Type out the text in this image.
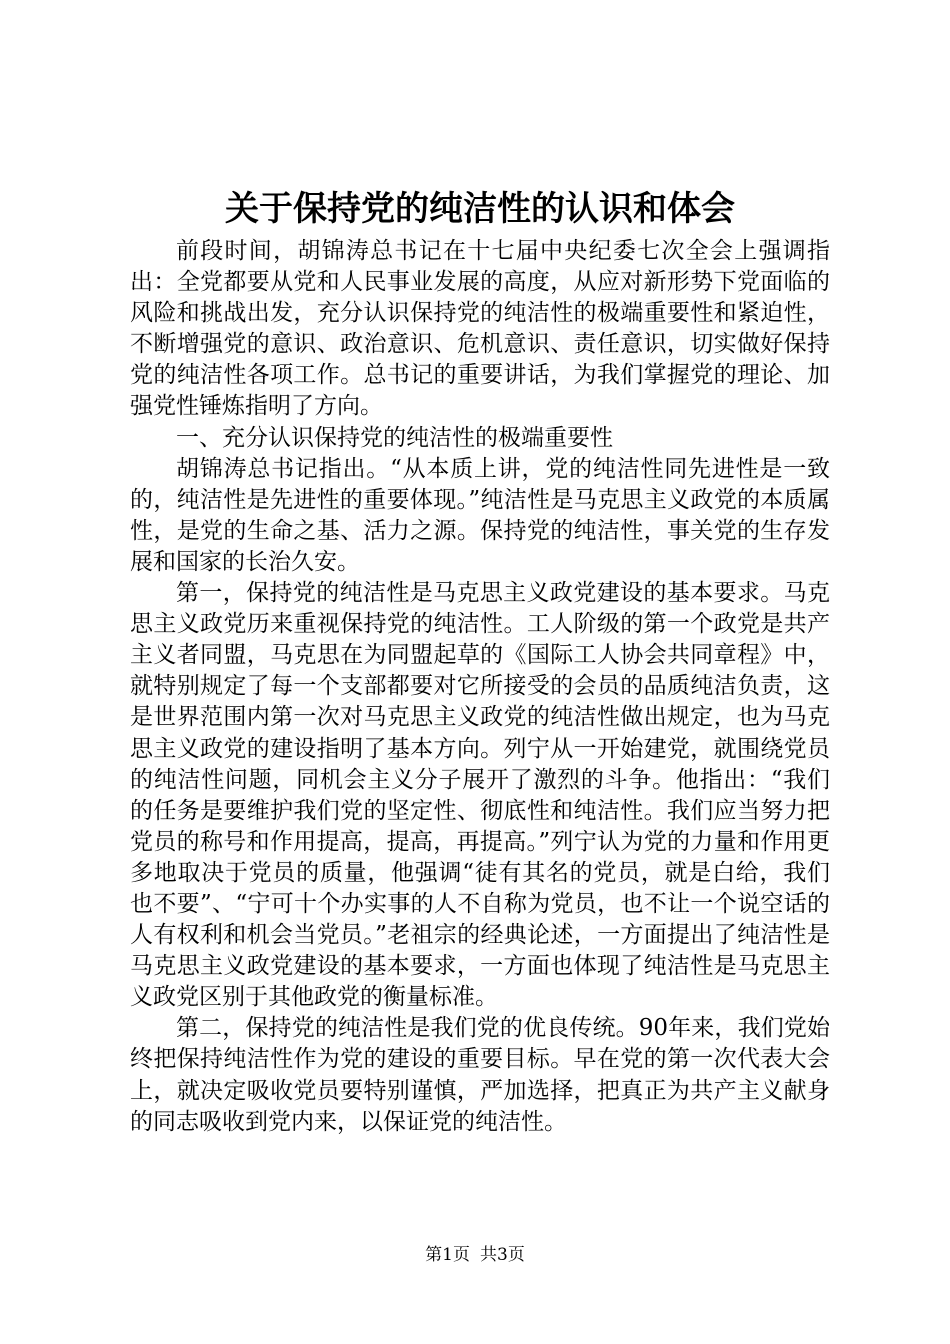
关于保持党的纯洁性的认识和体会

前段时间，胡锦涛总书记在十七届中央纪委七次全会上强调指出：全党都要从党和人民事业发展的高度，从应对新形势下党面临的风险和挑战出发，充分认识保持党的纯洁性的极端重要性和紧迫性，不断增强党的意识、政治意识、危机意识、责任意识，切实做好保持党的纯洁性各项工作。总书记的重要讲话，为我们掌握党的理论、加强党性锤炼指明了方向。

一、充分认识保持党的纯洁性的极端重要性

胡锦涛总书记指出。“从本质上讲，党的纯洁性同先进性是一致的，纯洁性是先进性的重要体现。”纯洁性是马克思主义政党的本质属性，是党的生命之基、活力之源。保持党的纯洁性，事关党的生存发展和国家的长治久安。

第一，保持党的纯洁性是马克思主义政党建设的基本要求。马克思主义政党历来重视保持党的纯洁性。工人阶级的第一个政党是共产主义者同盟，马克思在为同盟起草的《国际工人协会共同章程》中，就特别规定了每一个支部都要对它所接受的会员的品质纯洁负责，这是世界范围内第一次对马克思主义政党的纯洁性做出规定，也为马克思主义政党的建设指明了基本方向。列宁从一开始建党，就围绕党员的纯洁性问题，同机会主义分子展开了激烈的斗争。他指出：“我们的任务是要维护我们党的坚定性、彻底性和纯洁性。我们应当努力把党员的称号和作用提高，提高，再提高。”列宁认为党的力量和作用更多地取决于党员的质量，他强调“徒有其名的党员，就是白给，我们也不要”、“宁可十个办实事的人不自称为党员，也不让一个说空话的人有权利和机会当党员。”老祖宗的经典论述，一方面提出了纯洁性是马克思主义政党建设的基本要求，一方面也体现了纯洁性是马克思主义政党区别于其他政党的衡量标准。

第二，保持党的纯洁性是我们党的优良传统。90年来，我们党始终把保持纯洁性作为党的建设的重要目标。早在党的第一次代表大会上，就决定吸收党员要特别谨慎，严加选择，把真正为共产主义献身的同志吸收到党内来，以保证党的纯洁性。

第1页 共3页
